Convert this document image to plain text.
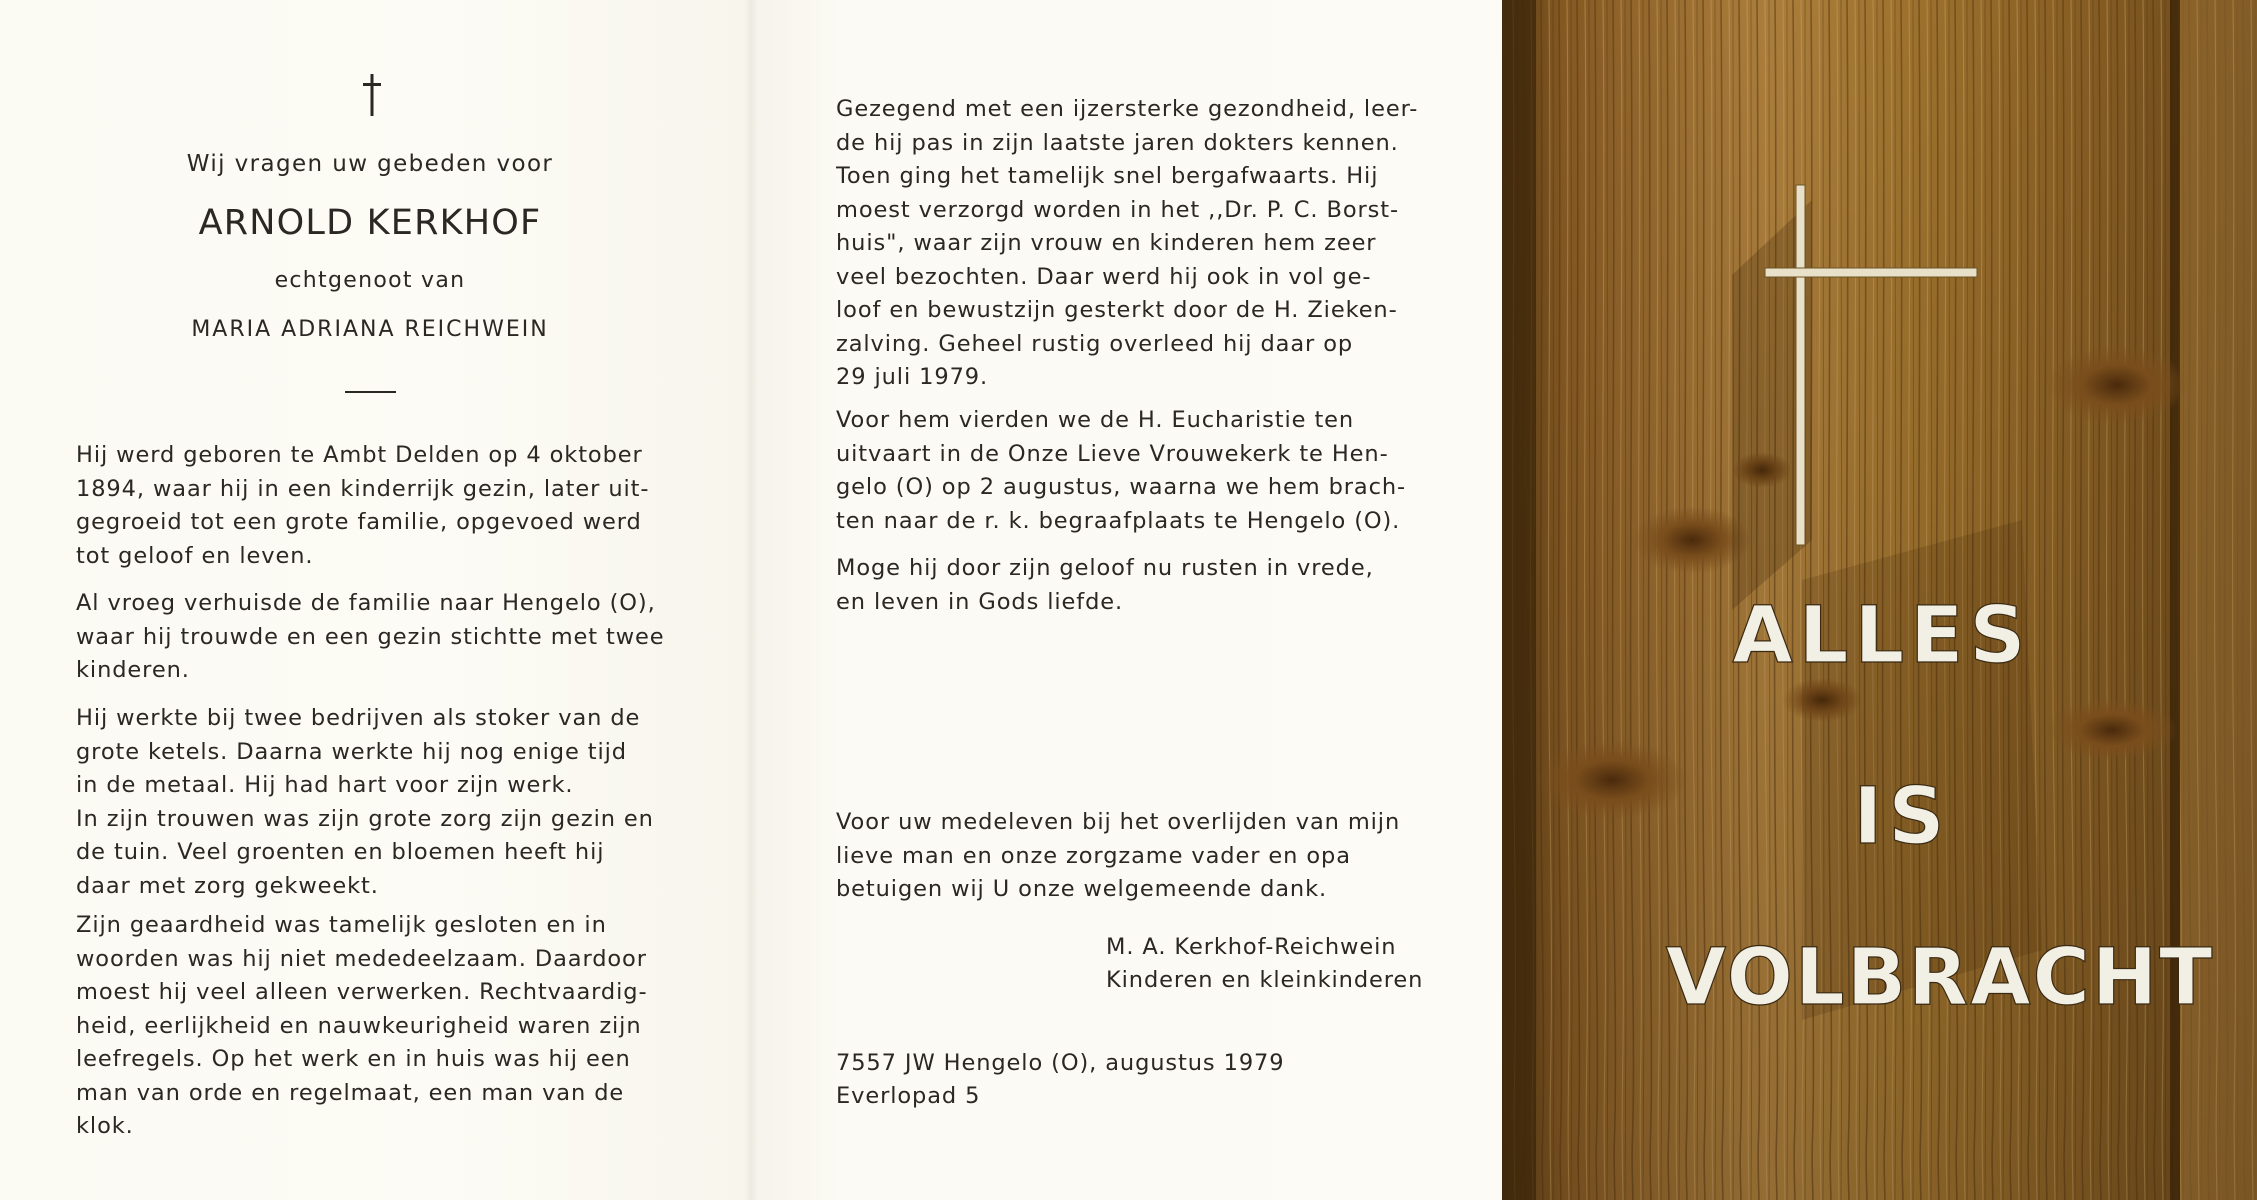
Wij vragen uw gebeden voor
ARNOLD KERKHOF
echtgenoot van
MARIA ADRIANA REICHWEIN
Hij werd geboren te Ambt Delden op 4 oktober
1894, waar hij in een kinderrijk gezin, later uit-
gegroeid tot een grote familie, opgevoed werd
tot geloof en leven.
Al vroeg verhuisde de familie naar Hengelo (O),
waar hij trouwde en een gezin stichtte met twee
kinderen.
Hij werkte bij twee bedrijven als stoker van de
grote ketels. Daarna werkte hij nog enige tijd
in de metaal. Hij had hart voor zijn werk.
In zijn trouwen was zijn grote zorg zijn gezin en
de tuin. Veel groenten en bloemen heeft hij
daar met zorg gekweekt.
Zijn geaardheid was tamelijk gesloten en in
woorden was hij niet mededeelzaam. Daardoor
moest hij veel alleen verwerken. Rechtvaardig-
heid, eerlijkheid en nauwkeurigheid waren zijn
leefregels. Op het werk en in huis was hij een
man van orde en regelmaat, een man van de
klok.
Gezegend met een ijzersterke gezondheid, leer-
de hij pas in zijn laatste jaren dokters kennen.
Toen ging het tamelijk snel bergafwaarts. Hij
moest verzorgd worden in het ,,Dr. P. C. Borst-
huis", waar zijn vrouw en kinderen hem zeer
veel bezochten. Daar werd hij ook in vol ge-
loof en bewustzijn gesterkt door de H. Zieken-
zalving. Geheel rustig overleed hij daar op
29 juli 1979.
Voor hem vierden we de H. Eucharistie ten
uitvaart in de Onze Lieve Vrouwekerk te Hen-
gelo (O) op 2 augustus, waarna we hem brach-
ten naar de r. k. begraafplaats te Hengelo (O).
Moge hij door zijn geloof nu rusten in vrede,
en leven in Gods liefde.
Voor uw medeleven bij het overlijden van mijn
lieve man en onze zorgzame vader en opa
betuigen wij U onze welgemeende dank.
M. A. Kerkhof-Reichwein
Kinderen en kleinkinderen
7557 JW Hengelo (O), augustus 1979
Everlopad 5
ALLES
IS
VOLBRACHT
